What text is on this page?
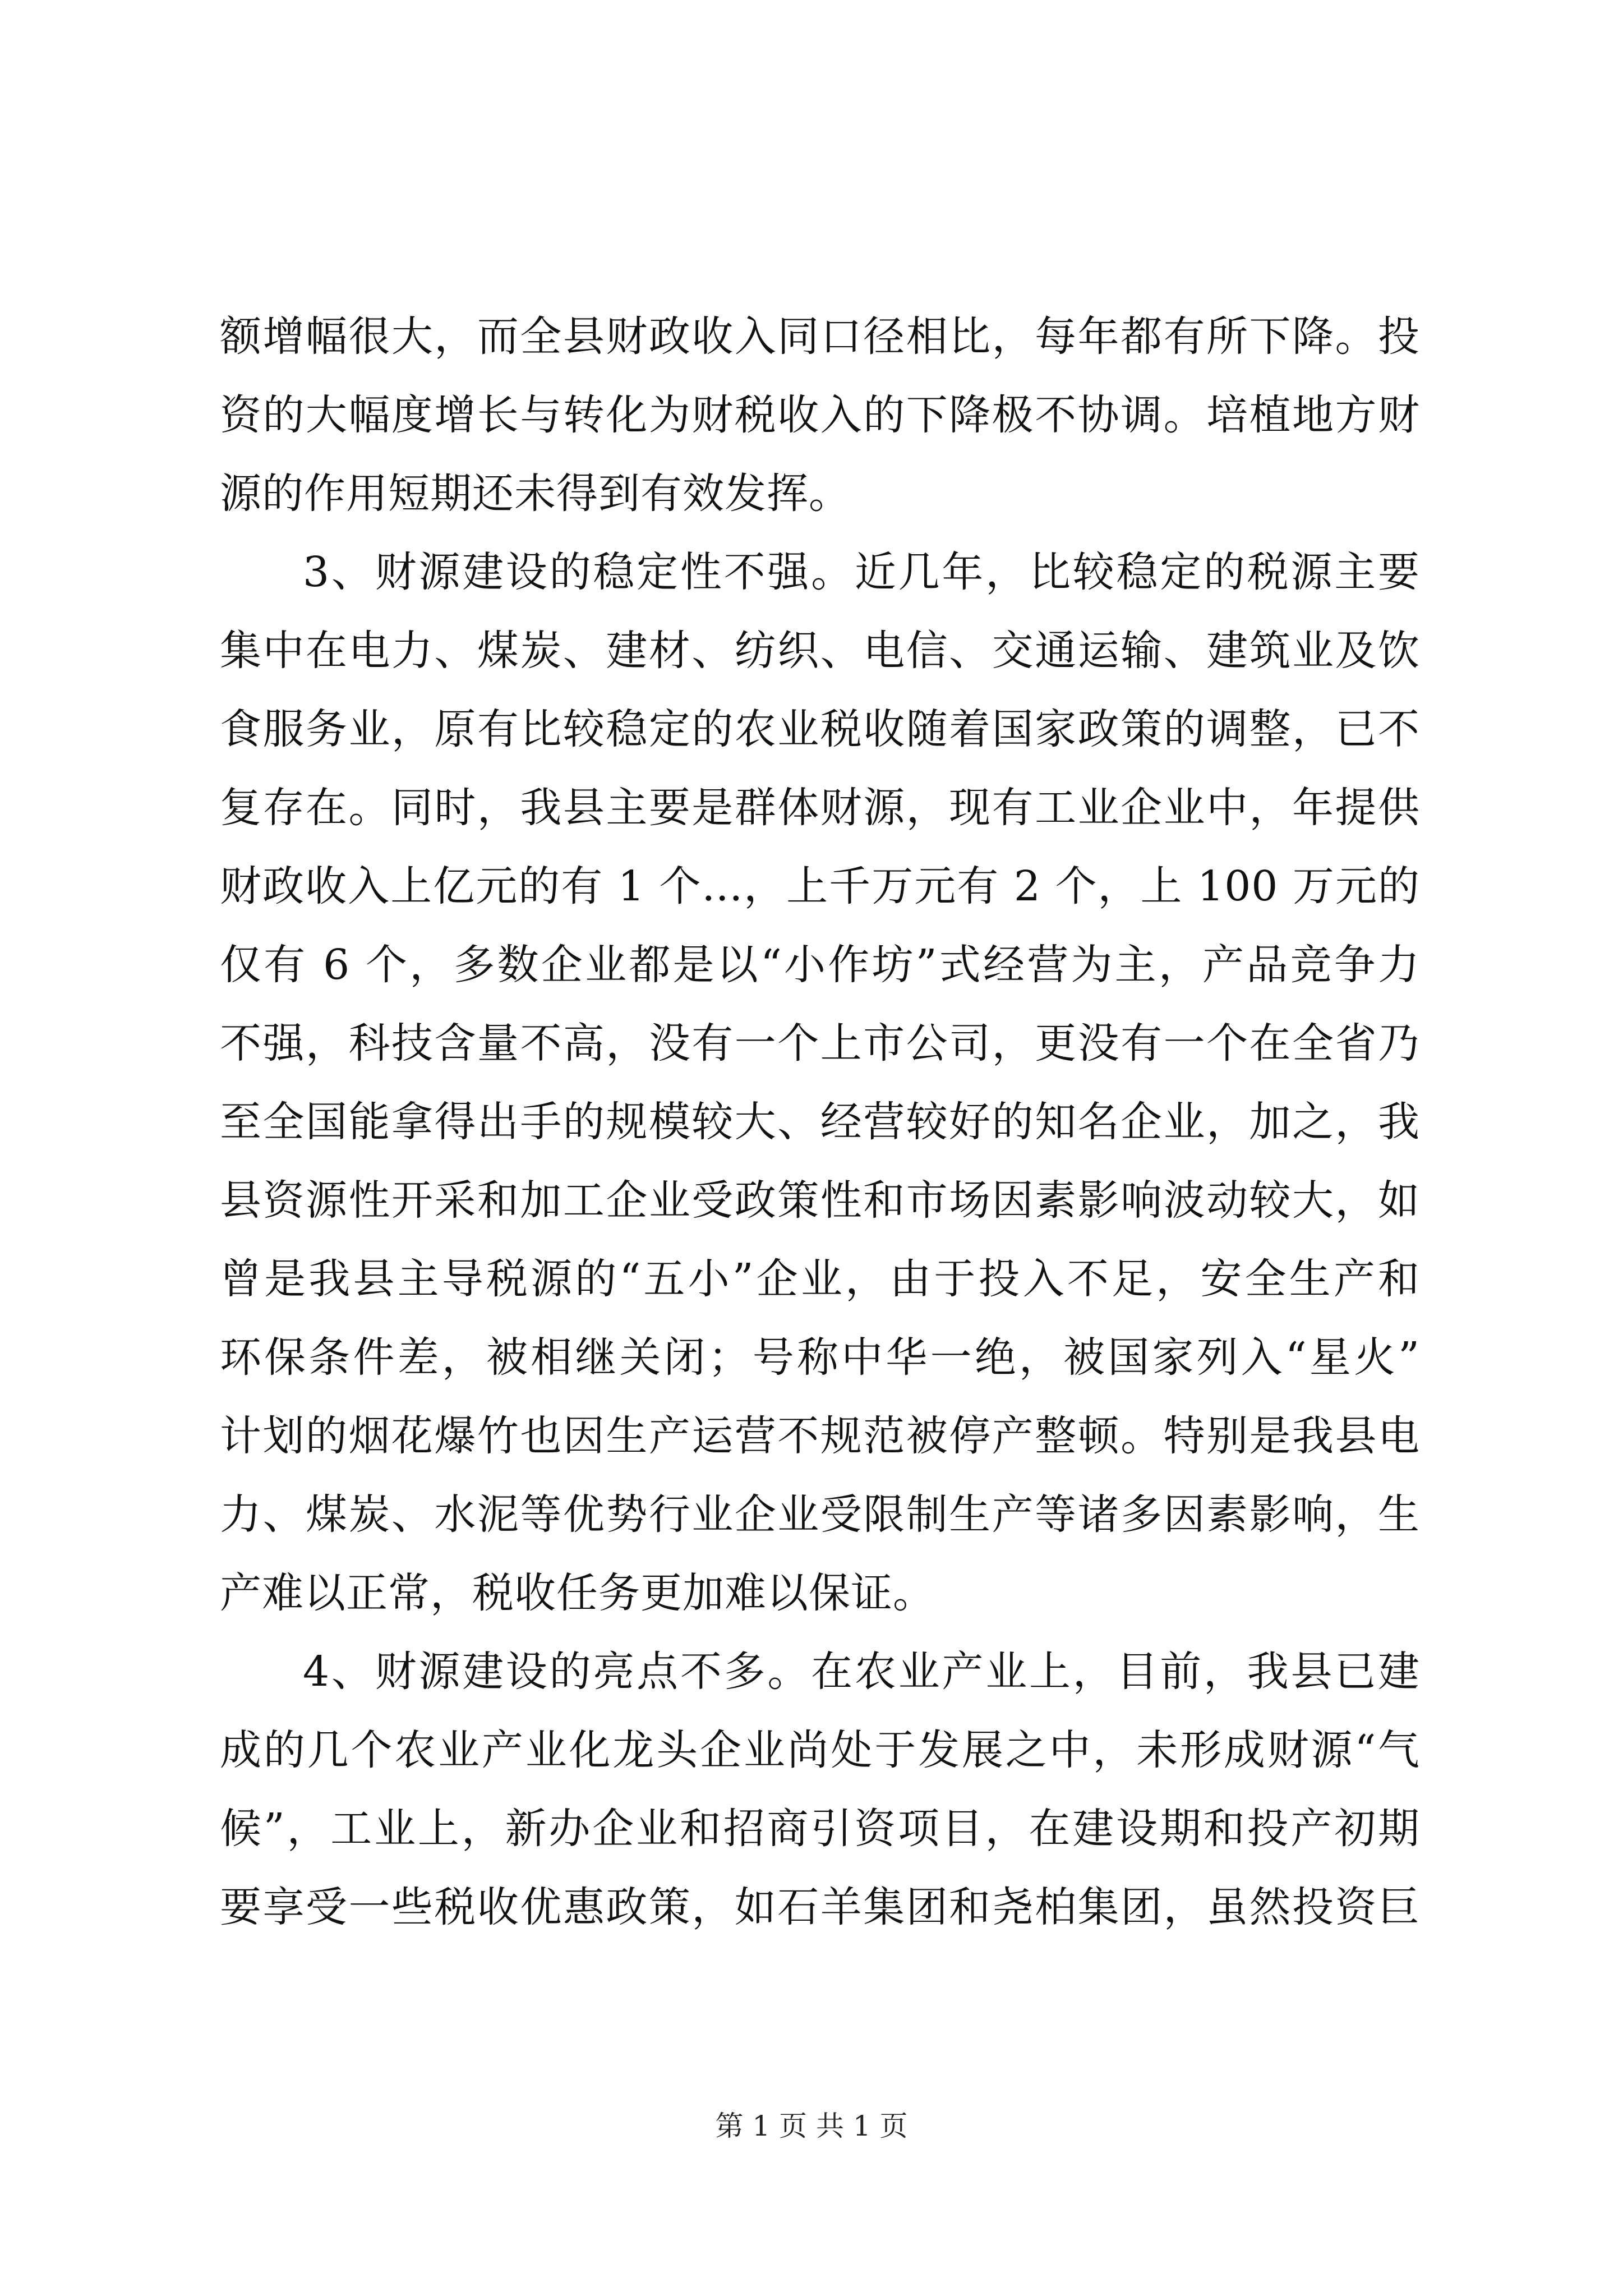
额增幅很大，而全县财政收入同口径相比，每年都有所下降。投
资的大幅度增长与转化为财税收入的下降极不协调。培植地方财
源的作用短期还未得到有效发挥。
3、财源建设的稳定性不强。近几年，比较稳定的税源主要
集中在电力、煤炭、建材、纺织、电信、交通运输、建筑业及饮
食服务业，原有比较稳定的农业税收随着国家政策的调整，已不
复存在。同时，我县主要是群体财源，现有工业企业中，年提供
财政收入上亿元的有 1 个...，上千万元有 2 个，上 100 万元的
仅有 6 个，多数企业都是以“小作坊”式经营为主，产品竞争力
不强，科技含量不高，没有一个上市公司，更没有一个在全省乃
至全国能拿得出手的规模较大、经营较好的知名企业，加之，我
县资源性开采和加工企业受政策性和市场因素影响波动较大，如
曾是我县主导税源的“五小”企业，由于投入不足，安全生产和
环保条件差，被相继关闭；号称中华一绝，被国家列入“星火”
计划的烟花爆竹也因生产运营不规范被停产整顿。特别是我县电
力、煤炭、水泥等优势行业企业受限制生产等诸多因素影响，生
产难以正常，税收任务更加难以保证。
4、财源建设的亮点不多。在农业产业上，目前，我县已建
成的几个农业产业化龙头企业尚处于发展之中，未形成财源“气
候”，工业上，新办企业和招商引资项目，在建设期和投产初期
要享受一些税收优惠政策，如石羊集团和尧柏集团，虽然投资巨
第 1 页 共 1 页
